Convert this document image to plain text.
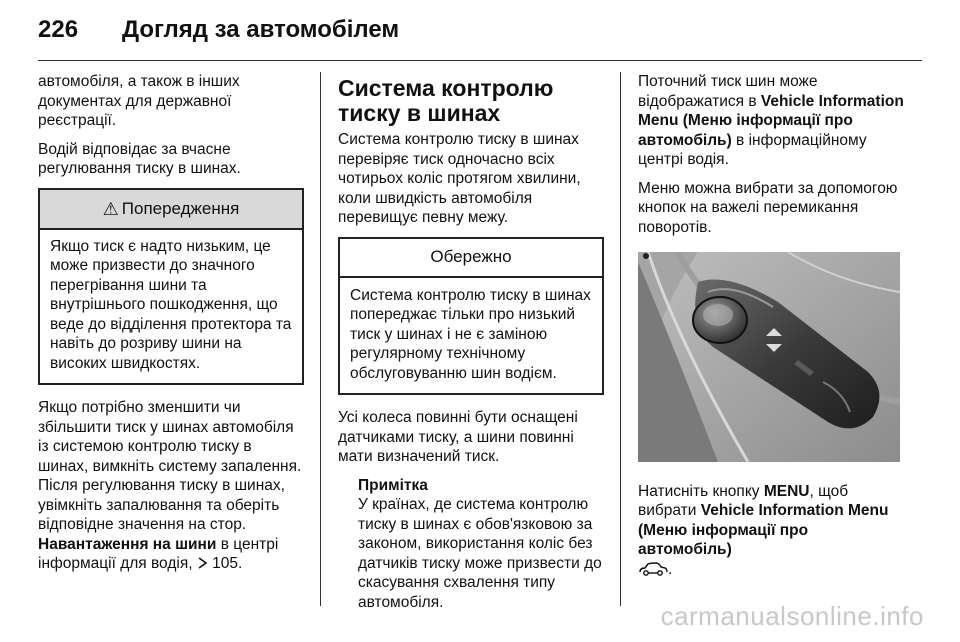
226 Догляд за автомобілем

автомобіля, а також в інших документах для державної реєстрації.

Водій відповідає за вчасне регулювання тиску в шинах.

⚠ Попередження
Якщо тиск є надто низьким, це може призвести до значного перегрівання шини та внутрішнього пошкодження, що веде до відділення протектора та навіть до розриву шини на високих швидкостях.

Якщо потрібно зменшити чи збільшити тиск у шинах автомобіля із системою контролю тиску в шинах, вимкніть систему запалення. Після регулювання тиску в шинах, увімкніть запалювання та оберіть відповідне значення на стор. Навантаження на шини в центрі інформації для водія,  105.

Система контролю тиску в шинах

Система контролю тиску в шинах перевіряє тиск одночасно всіх чотирьох коліс протягом хвилини, коли швидкість автомобіля перевищує певну межу.

Обережно
Система контролю тиску в шинах попереджає тільки про низький тиск у шинах і не є заміною регулярному технічному обслуговуванню шин водієм.

Усі колеса повинні бути оснащені датчиками тиску, а шини повинні мати визначений тиск.

Примітка
У країнах, де система контролю тиску в шинах є обов'язковою за законом, використання коліс без датчиків тиску може призвести до скасування схвалення типу автомобіля.

Поточний тиск шин може відображатися в Vehicle Information Menu (Меню інформації про автомобіль) в інформаційному центрі водія.

Меню можна вибрати за допомогою кнопок на важелі перемикання поворотів.

Натисніть кнопку MENU, щоб вибрати Vehicle Information Menu (Меню інформації про автомобіль)
.

carmanualsonline.info
